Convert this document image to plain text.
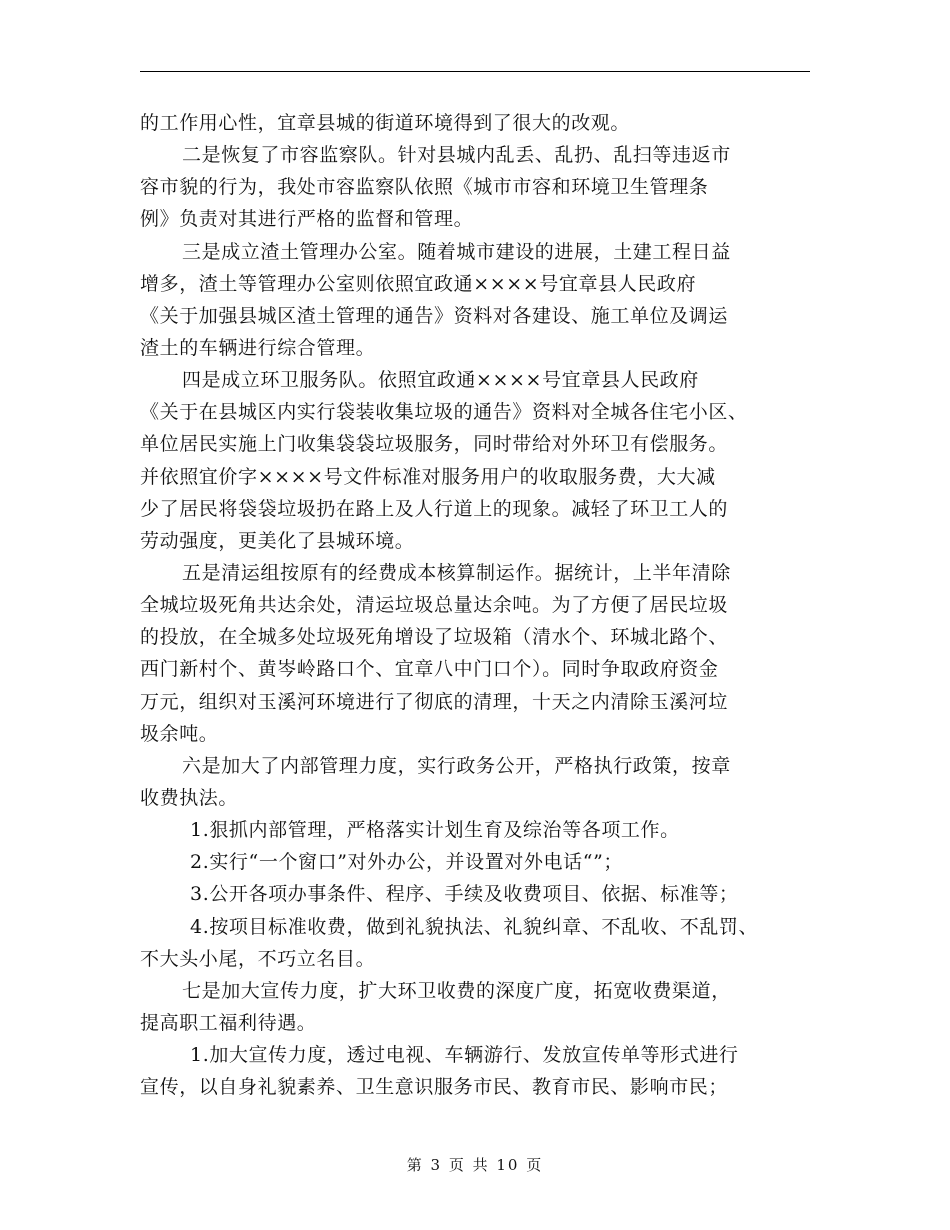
的工作用心性，宜章县城的街道环境得到了很大的改观。
二是恢复了市容监察队。针对县城内乱丢、乱扔、乱扫等违返市
容市貌的行为，我处市容监察队依照《城市市容和环境卫生管理条
例》负责对其进行严格的监督和管理。
三是成立渣土管理办公室。随着城市建设的进展，土建工程日益
增多，渣土等管理办公室则依照宜政通××××号宜章县人民政府
《关于加强县城区渣土管理的通告》资料对各建设、施工单位及调运
渣土的车辆进行综合管理。
四是成立环卫服务队。依照宜政通××××号宜章县人民政府
《关于在县城区内实行袋装收集垃圾的通告》资料对全城各住宅小区、
单位居民实施上门收集袋袋垃圾服务，同时带给对外环卫有偿服务。
并依照宜价字××××号文件标准对服务用户的收取服务费，大大减
少了居民将袋袋垃圾扔在路上及人行道上的现象。减轻了环卫工人的
劳动强度，更美化了县城环境。
五是清运组按原有的经费成本核算制运作。据统计，上半年清除
全城垃圾死角共达余处，清运垃圾总量达余吨。为了方便了居民垃圾
的投放，在全城多处垃圾死角增设了垃圾箱（清水个、环城北路个、
西门新村个、黄岑岭路口个、宜章八中门口个）。同时争取政府资金
万元，组织对玉溪河环境进行了彻底的清理，十天之内清除玉溪河垃
圾余吨。
六是加大了内部管理力度，实行政务公开，严格执行政策，按章
收费执法。
1.狠抓内部管理，严格落实计划生育及综治等各项工作。
2.实行“一个窗口”对外办公，并设置对外电话“”；
3.公开各项办事条件、程序、手续及收费项目、依据、标准等；
4.按项目标准收费，做到礼貌执法、礼貌纠章、不乱收、不乱罚、
不大头小尾，不巧立名目。
七是加大宣传力度，扩大环卫收费的深度广度，拓宽收费渠道，
提高职工福利待遇。
1.加大宣传力度，透过电视、车辆游行、发放宣传单等形式进行
宣传，以自身礼貌素养、卫生意识服务市民、教育市民、影响市民；
第 3 页 共 10 页
